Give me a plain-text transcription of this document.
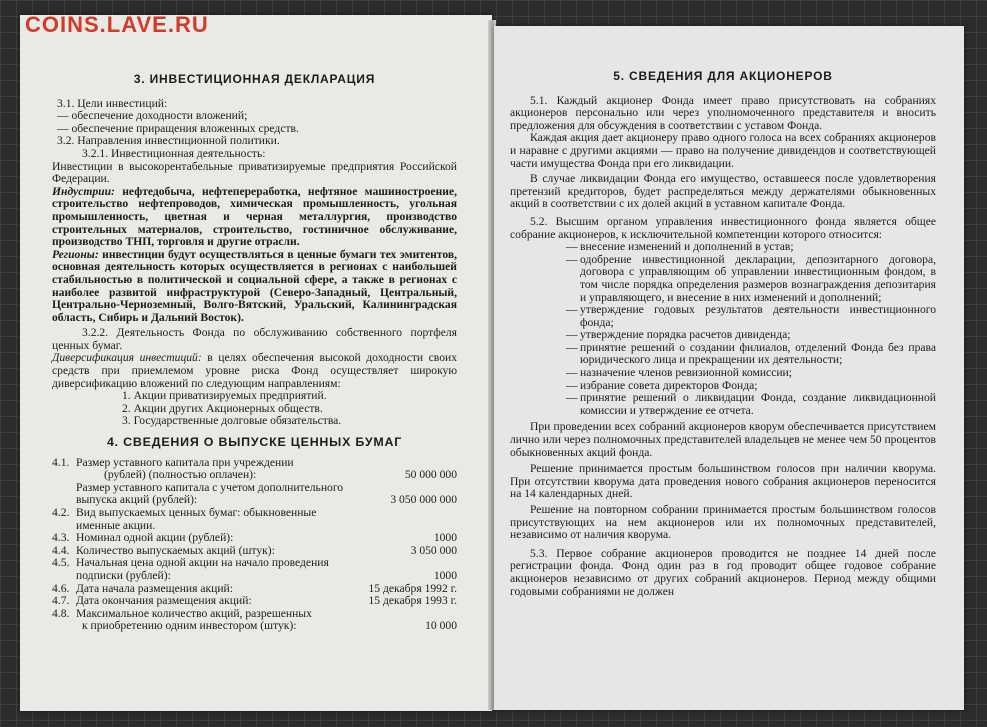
COINS.LAVE.RU
3. ИНВЕСТИЦИОННАЯ ДЕКЛАРАЦИЯ

3.1. Цели инвестиций:

— обеспечение доходности вложений;

— обеспечение приращения вложенных средств.

3.2. Направления инвестиционной политики.

3.2.1. Инвестиционная деятельность:

Инвестиции в высокорентабельные приватизируемые предприятия Российской Федерации.

Индустрии: нефтедобыча, нефтепереработка, нефтяное машиностроение, строительство нефтепроводов, химическая промышленность, угольная промышленность, цветная и черная металлургия, производство строительных материалов, строительство, гостиничное обслуживание, производство ТНП, торговля и другие отрасли.

Регионы: инвестиции будут осуществляться в ценные бумаги тех эмитентов, основная деятельность которых осуществляется в регионах с наибольшей стабильностью в политической и социальной сфере, а также в регионах с наиболее развитой инфраструктурой (Северо-Западный, Центральный, Центрально-Черноземный, Волго-Вятский, Уральский, Калининградская область, Сибирь и Дальний Восток).

3.2.2. Деятельность Фонда по обслуживанию собственного портфеля ценных бумаг.

Диверсификация инвестиций: в целях обеспечения высокой доходности своих средств при приемлемом уровне риска Фонд осуществляет широкую диверсификацию вложений по следующим направлениям:

1. Акции приватизируемых предприятий.

2. Акции других Акционерных обществ.

3. Государственные долговые обязательства.

4. СВЕДЕНИЯ О ВЫПУСКЕ ЦЕННЫХ БУМАГ
4.1. Размер уставного капитала при учреждении
(рублей) (полностью оплачен):	50 000 000
Размер уставного капитала с учетом дополнительного
выпуска акций (рублей):	3 050 000 000
4.2. Вид выпускаемых ценных бумаг: обыкновенные
именные акции.
4.3. Номинал одной акции (рублей):	1000
4.4. Количество выпускаемых акций (штук):	3 050 000
4.5. Начальная цена одной акции на начало проведения
подписки (рублей):	1000
4.6. Дата начала размещения акций:	15 декабря 1992 г.
4.7. Дата окончания размещения акций:	15 декабря 1993 г.
4.8. Максимальное количество акций, разрешенных
к приобретению одним инвестором (штук):	10 000
5. СВЕДЕНИЯ ДЛЯ АКЦИОНЕРОВ

5.1. Каждый акционер Фонда имеет право присутствовать на собраниях акционеров персонально или через уполномоченного представителя и вносить предложения для обсуждения в соответствии с уставом Фонда.

Каждая акция дает акционеру право одного голоса на всех собраниях акционеров и наравне с другими акциями — право на получение дивидендов и соответствующей части имущества Фонда при его ликвидации.

В случае ликвидации Фонда его имущество, оставшееся после удовлетворения претензий кредиторов, будет распределяться между держателями обыкновенных акций в соответствии с их долей акций в уставном капитале Фонда.

5.2. Высшим органом управления инвестиционного фонда является общее собрание акционеров, к исключительной компетенции которого относится:

— внесение изменений и дополнений в устав;
— одобрение инвестиционной декларации, депозитарного договора, договора с управляющим об управлении инвестиционным фондом, в том числе порядка определения размеров вознаграждения депозитария и управляющего, и внесение в них изменений и дополнений;
— утверждение годовых результатов деятельности инвестиционного фонда;
— утверждение порядка расчетов дивиденда;
— принятие решений о создании филиалов, отделений Фонда без права юридического лица и прекращении их деятельности;
— назначение членов ревизионной комиссии;
— избрание совета директоров Фонда;
— принятие решений о ликвидации Фонда, создание ликвидационной комиссии и утверждение ее отчета.

При проведении всех собраний акционеров кворум обеспечивается присутствием лично или через полномочных представителей владельцев не менее чем 50 процентов обыкновенных акций фонда.

Решение принимается простым большинством голосов при наличии кворума. При отсутствии кворума дата проведения нового собрания акционеров переносится на 14 календарных дней.

Решение на повторном собрании принимается простым большинством голосов присутствующих на нем акционеров или их полномочных представителей, независимо от наличия кворума.

5.3. Первое собрание акционеров проводится не позднее 14 дней после регистрации фонда. Фонд один раз в год проводит общее годовое собрание акционеров независимо от других собраний акционеров. Период между общими годовыми собраниями не должен
